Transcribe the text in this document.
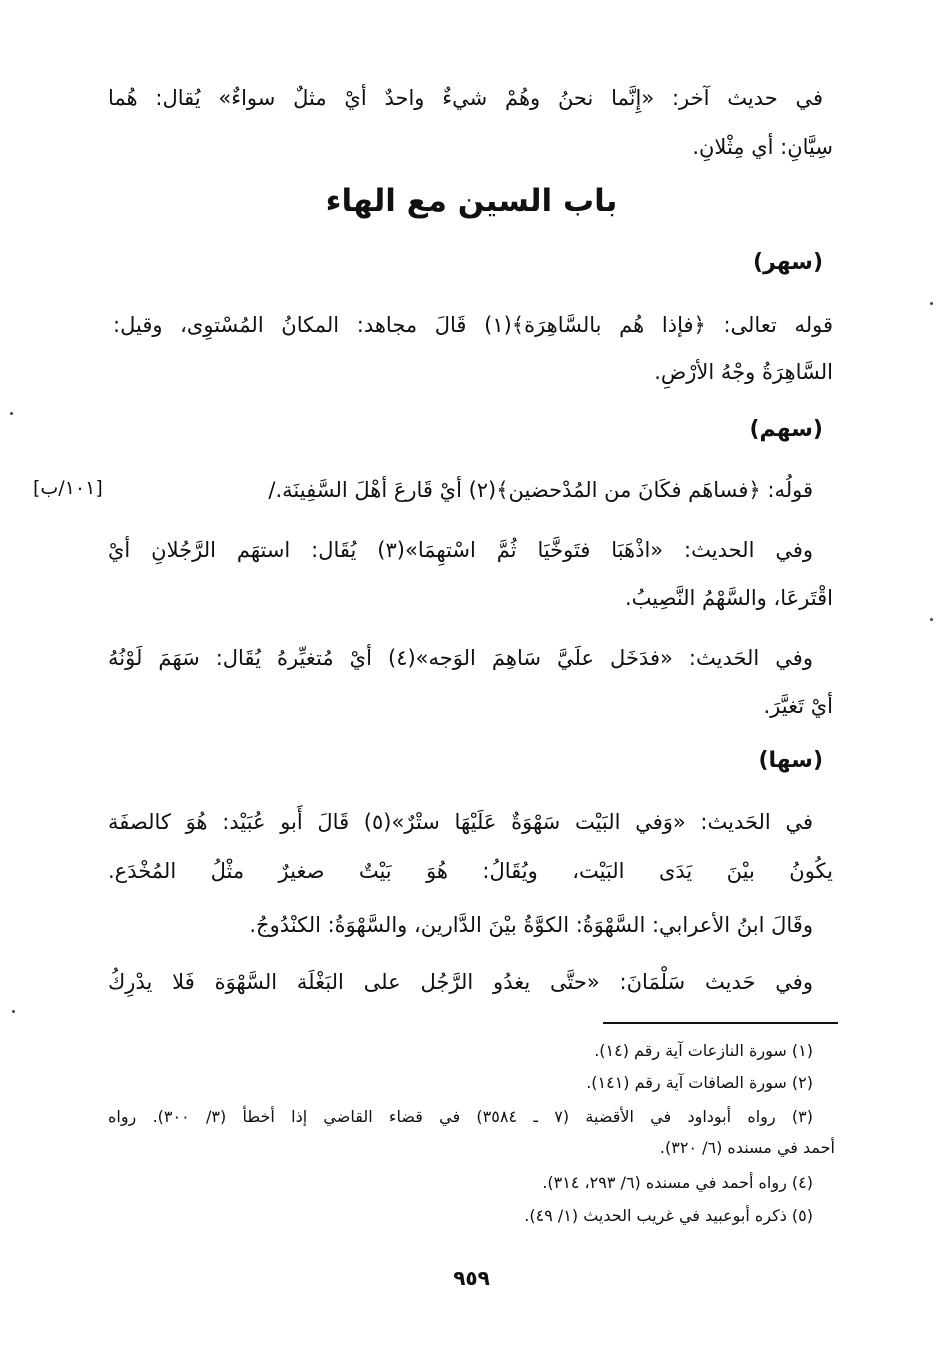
في حديث آخر: «إِنَّما نحنُ وهُمْ شيءٌ واحدٌ أيْ مثلٌ سواءٌ» يُقال: هُما
سِيَّانِ: أي مِثْلانِ.
باب السين مع الهاء
(سهر)
قوله تعالى: ﴿فإذا هُم بالسَّاهِرَة﴾(١) قَالَ مجاهد: المكانُ المُسْتوِى، وقيل:
السَّاهِرَةُ وجْهُ الأرْضِ.
(سهم)
قولُه: ﴿فساهَم فكَانَ من المُدْحضين﴾(٢) أيْ قَارعَ أهْلَ السَّفِينَة./
[١٠١/ب]
وفي الحديث: «اذْهَبَا فتَوخَّيَا ثُمَّ اسْتهِمَا»(٣) يُقَال: استهَم الرَّجُلانِ أيْ
اقْتَرعَا، والسَّهْمُ النَّصِيبُ.
وفي الحَديث: «فدَخَل علَيَّ سَاهِمَ الوَجه»(٤) أيْ مُتغيِّرهُ يُقَال: سَهَمَ لَوْنُهُ
أيْ تَغيَّرَ.
(سها)
في الحَديث: «وَفي البَيْت سَهْوَةٌ عَلَيْهَا ستْرٌ»(٥) قَالَ أَبو عُبَيْد: هُوَ كالصفَة
يكُونُ بيْنَ يَدَى البَيْت، ويُقَالُ: هُوَ بَيْتٌ صغيرٌ مثْلُ المُخْدَع.
وقَالَ ابنُ الأعرابي: السَّهْوَةُ: الكوَّةُ بيْنَ الدَّارين، والسَّهْوَةُ: الكنْدُوجُ.
وفي حَديث سَلْمَانَ: «حتَّى يغدُو الرَّجُل على البَغْلَة السَّهْوَة فَلا يدْرِكُ
(١) سورة النازعات آية رقم (١٤).
(٢) سورة الصافات آية رقم (١٤١).
(٣) رواه أبوداود في الأقضية (٧ ـ ٣٥٨٤) في قضاء القاضي إذا أخطأ (٣/ ٣٠٠). رواه
أحمد في مسنده (٦/ ٣٢٠).
(٤) رواه أحمد في مسنده (٦/ ٢٩٣، ٣١٤).
(٥) ذكره أبوعبيد في غريب الحديث (١/ ٤٩).
٩٥٩
